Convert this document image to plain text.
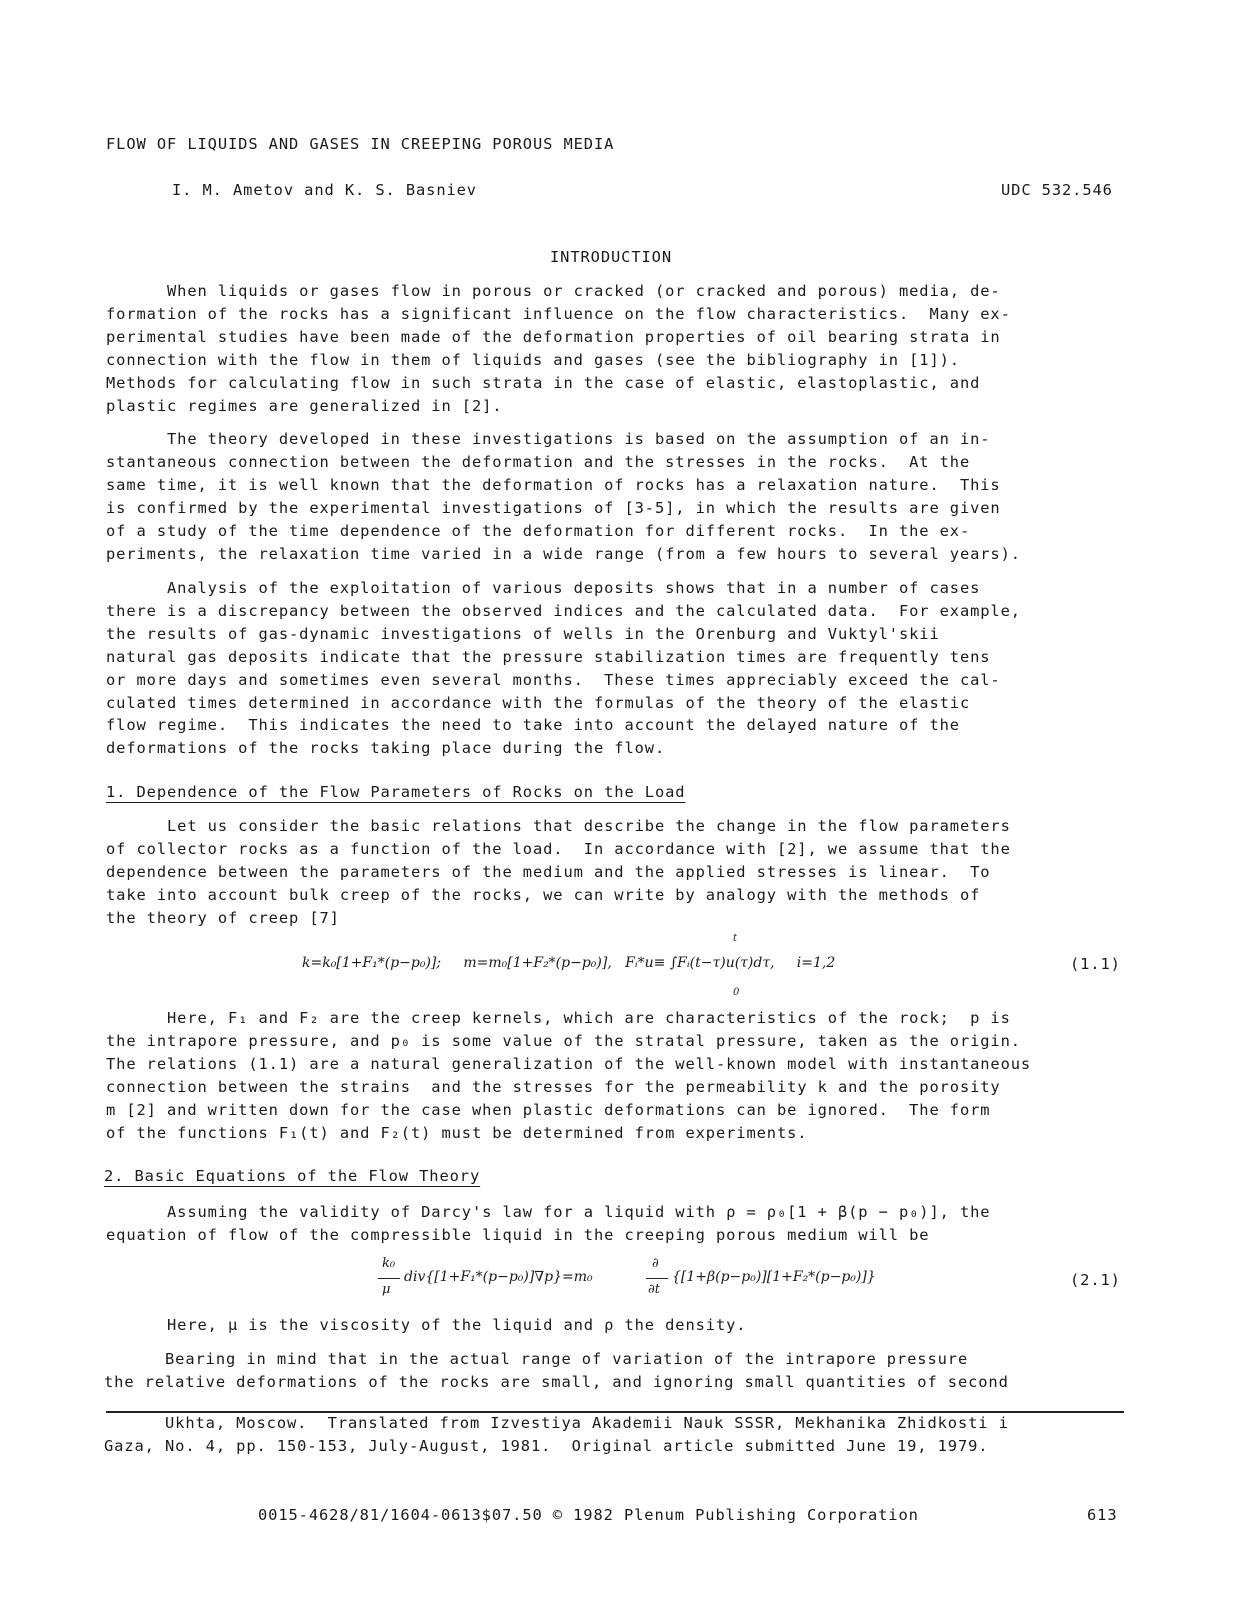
FLOW OF LIQUIDS AND GASES IN CREEPING POROUS MEDIA
I. M. Ametov and K. S. Basniev	UDC 532.546
INTRODUCTION
When liquids or gases flow in porous or cracked (or cracked and porous) media, de-
formation of the rocks has a significant influence on the flow characteristics.  Many ex-
perimental studies have been made of the deformation properties of oil bearing strata in
connection with the flow in them of liquids and gases (see the bibliography in [1]).
Methods for calculating flow in such strata in the case of elastic, elastoplastic, and
plastic regimes are generalized in [2].
The theory developed in these investigations is based on the assumption of an in-
stantaneous connection between the deformation and the stresses in the rocks.  At the
same time, it is well known that the deformation of rocks has a relaxation nature.  This
is confirmed by the experimental investigations of [3-5], in which the results are given
of a study of the time dependence of the deformation for different rocks.  In the ex-
periments, the relaxation time varied in a wide range (from a few hours to several years).
Analysis of the exploitation of various deposits shows that in a number of cases
there is a discrepancy between the observed indices and the calculated data.  For example,
the results of gas-dynamic investigations of wells in the Orenburg and Vuktyl'skii
natural gas deposits indicate that the pressure stabilization times are frequently tens
or more days and sometimes even several months.  These times appreciably exceed the cal-
culated times determined in accordance with the formulas of the theory of the elastic
flow regime.  This indicates the need to take into account the delayed nature of the
deformations of the rocks taking place during the flow.
1. Dependence of the Flow Parameters of Rocks on the Load
Let us consider the basic relations that describe the change in the flow parameters
of collector rocks as a function of the load.  In accordance with [2], we assume that the
dependence between the parameters of the medium and the applied stresses is linear.  To
take into account bulk creep of the rocks, we can write by analogy with the methods of
the theory of creep [7]
t
k=k₀[1+F₁*(p−p₀)];     m=m₀[1+F₂*(p−p₀)],   Fᵢ*u≡ ∫Fᵢ(t−τ)u(τ)dτ,     i=1,2
0
(1.1)
Here, F₁ and F₂ are the creep kernels, which are characteristics of the rock;  p is
the intrapore pressure, and p₀ is some value of the stratal pressure, taken as the origin.
The relations (1.1) are a natural generalization of the well-known model with instantaneous
connection between the strains  and the stresses for the permeability k and the porosity
m [2] and written down for the case when plastic deformations can be ignored.  The form
of the functions F₁(t) and F₂(t) must be determined from experiments.
2. Basic Equations of the Flow Theory
Assuming the validity of Darcy's law for a liquid with ρ = ρ₀[1 + β(p − p₀)], the
equation of flow of the compressible liquid in the creeping porous medium will be
k₀
μ
div{[1+F₁*(p−p₀)]∇p}=m₀
∂
∂t
{[1+β(p−p₀)][1+F₂*(p−p₀)]}	(2.1)
Here, μ is the viscosity of the liquid and ρ the density.
Bearing in mind that in the actual range of variation of the intrapore pressure
the relative deformations of the rocks are small, and ignoring small quantities of second
Ukhta, Moscow.  Translated from Izvestiya Akademii Nauk SSSR, Mekhanika Zhidkosti i
Gaza, No. 4, pp. 150-153, July-August, 1981.  Original article submitted June 19, 1979.
0015-4628/81/1604-0613$07.50 © 1982 Plenum Publishing Corporation	613
